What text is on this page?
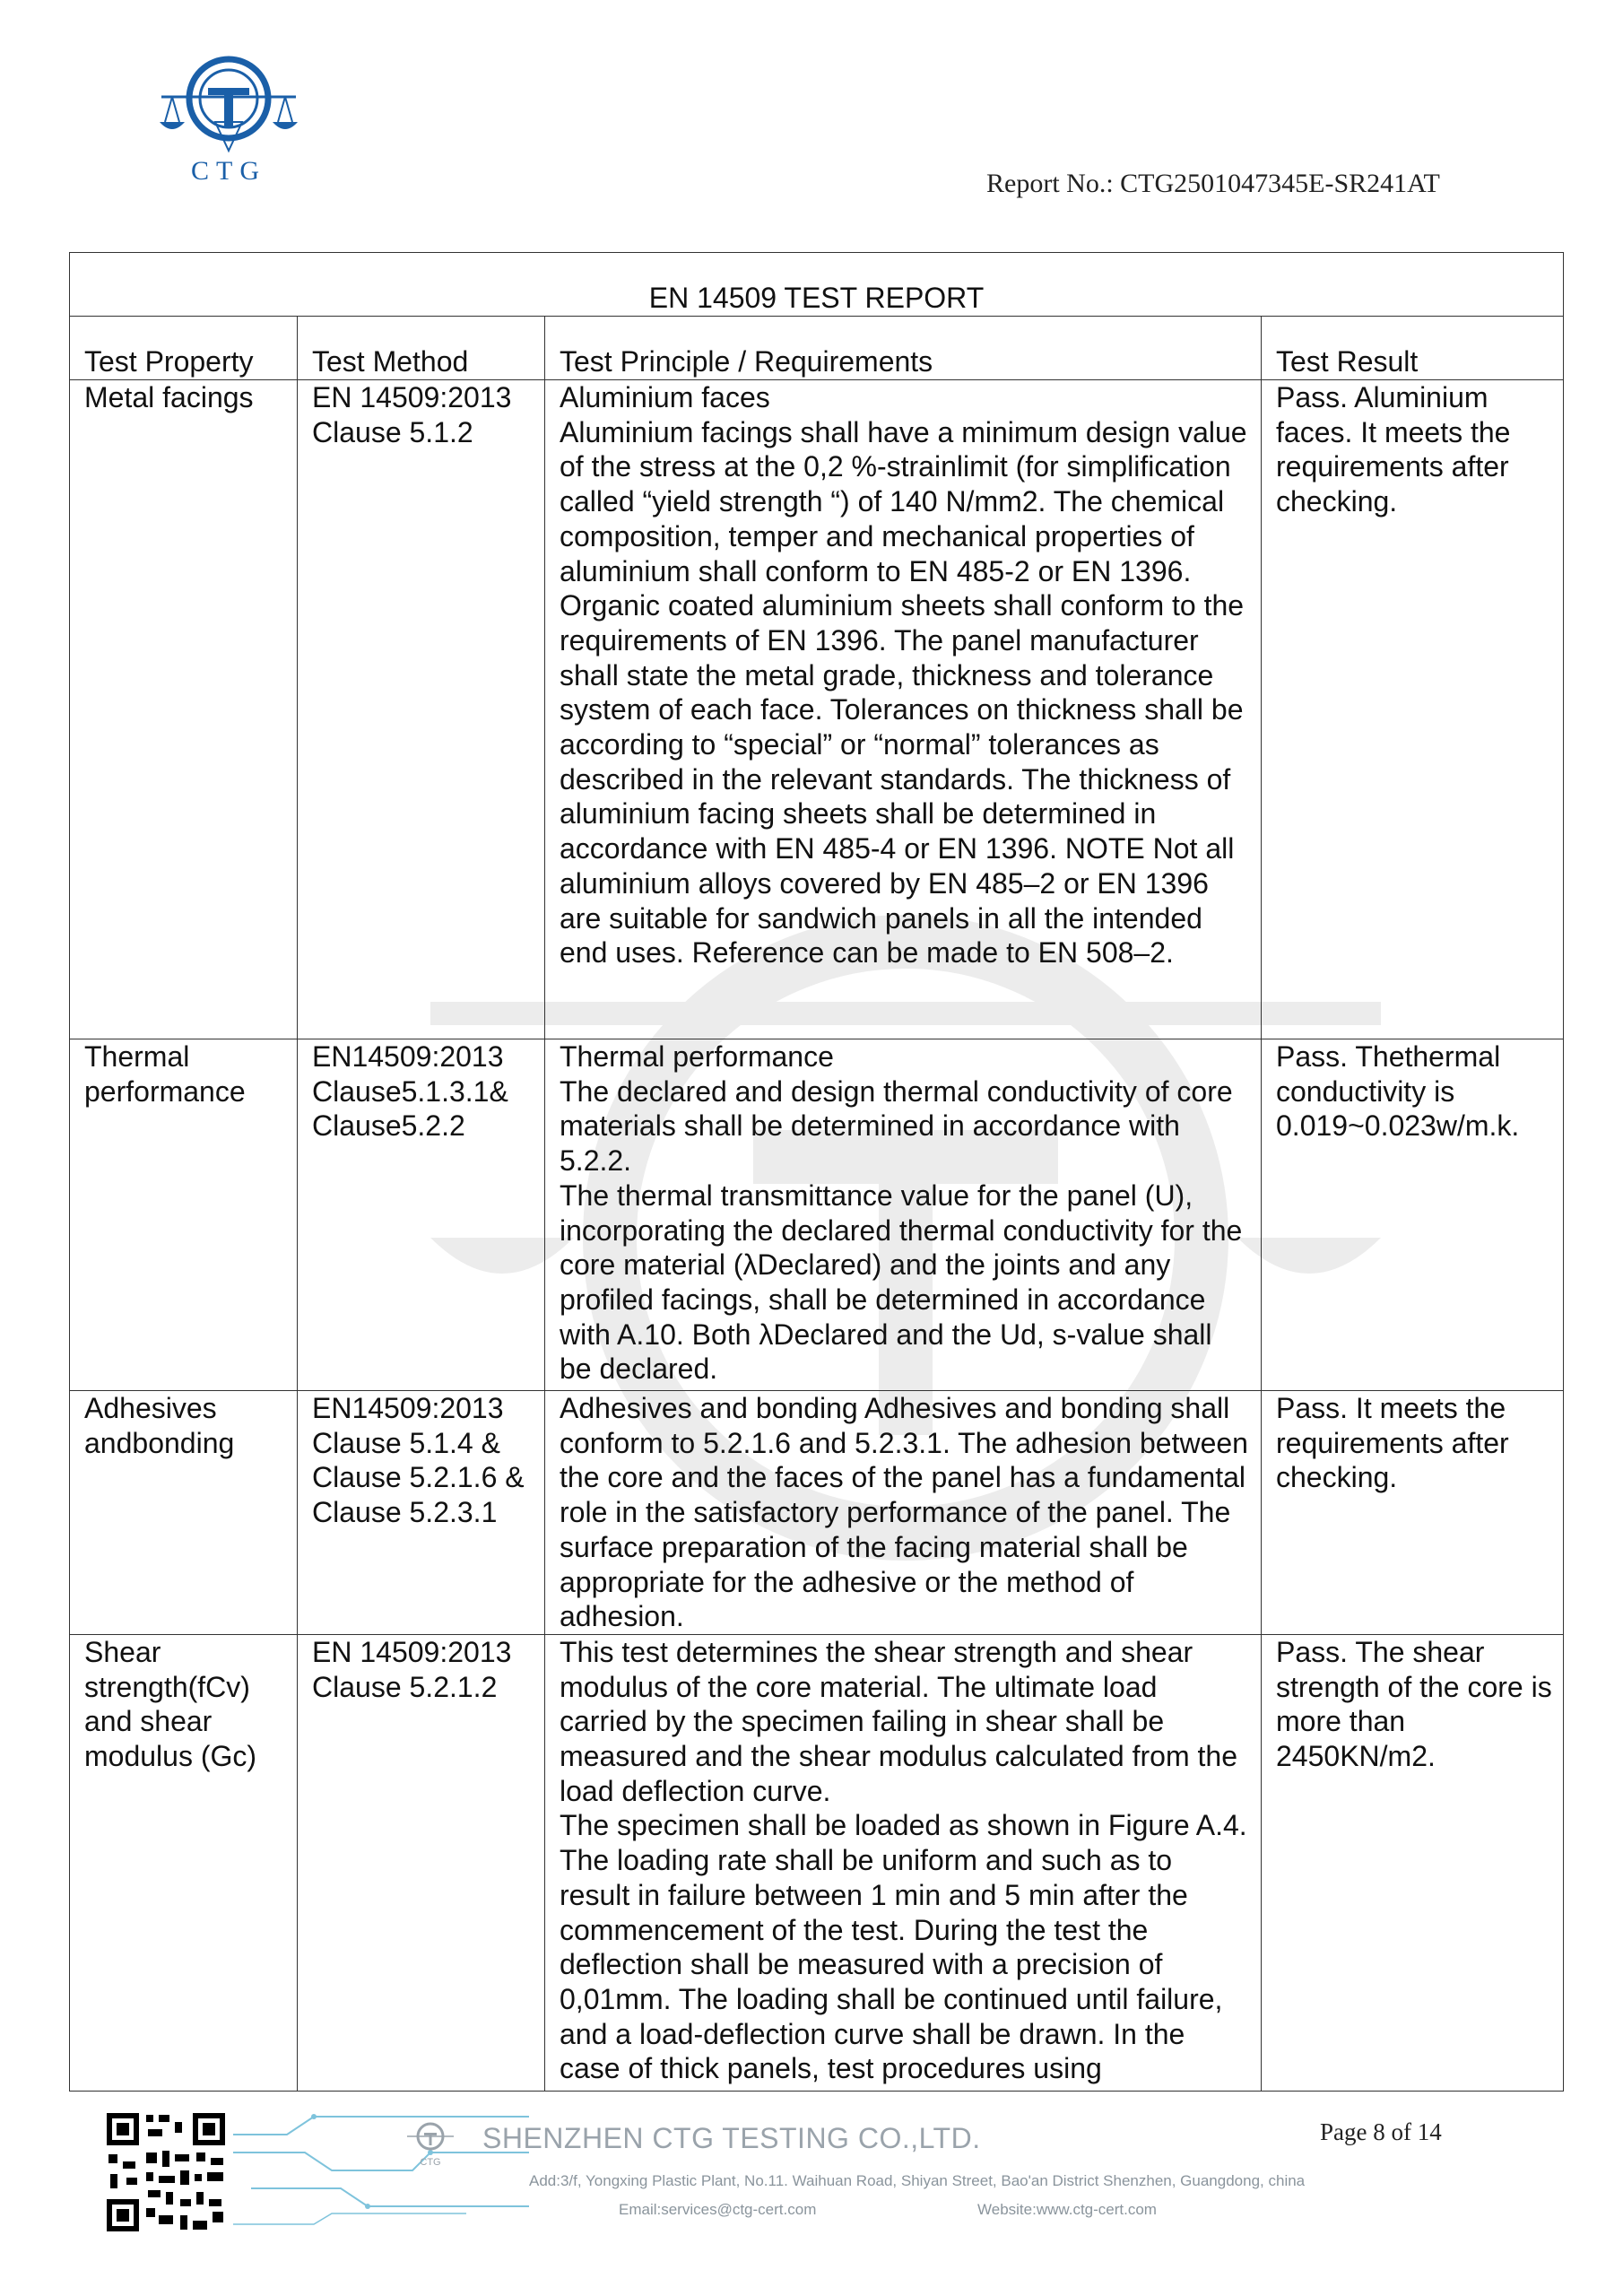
CTG	Report No.: CTG2501047345E-SR241AT
EN 14509 TEST REPORT			
Test Property	Test Method	Test Principle / Requirements	Test Result
Metal facings	EN 14509:2013 Clause 5.1.2	Aluminium faces

Aluminium facings shall have a minimum design value of the stress at the 0,2 %-strainlimit (for simplification called “yield strength “) of 140 N/mm2. The chemical composition, temper and mechanical properties of aluminium shall conform to EN 485-2 or EN 1396. Organic coated aluminium sheets shall conform to the requirements of EN 1396. The panel manufacturer shall state the metal grade, thickness and tolerance system of each face. Tolerances on thickness shall be according to “special” or “normal” tolerances as described in the relevant standards. The thickness of aluminium facing sheets shall be determined in accordance with EN 485-4 or EN 1396. NOTE Not all aluminium alloys covered by EN 485–2 or EN 1396 are suitable for sandwich panels in all the intended end uses. Reference can be made to EN 508–2.	Pass. Aluminium faces. It meets the requirements after checking.
Thermal performance	EN14509:2013 Clause5.1.3.1& Clause5.2.2	Thermal performance

The declared and design thermal conductivity of core materials shall be determined in accordance with 5.2.2.

The thermal transmittance value for the panel (U), incorporating the declared thermal conductivity for the core material (λDeclared) and the joints and any profiled facings, shall be determined in accordance with A.10. Both λDeclared and the Ud, s-value shall be declared.	Pass. Thethermal conductivity is 0.019~0.023w/m.k.
Adhesives andbonding	EN14509:2013 Clause 5.1.4 & Clause 5.2.1.6 & Clause 5.2.3.1	Adhesives and bonding Adhesives and bonding shall conform to 5.2.1.6 and 5.2.3.1. The adhesion between the core and the faces of the panel has a fundamental role in the satisfactory performance of the panel. The surface preparation of the facing material shall be appropriate for the adhesive or the method of adhesion.	Pass. It meets the requirements after checking.
Shear strength(fCv) and shear modulus (Gc)	EN 14509:2013 Clause 5.2.1.2	This test determines the shear strength and shear modulus of the core material. The ultimate load carried by the specimen failing in shear shall be measured and the shear modulus calculated from the load deflection curve.

The specimen shall be loaded as shown in Figure A.4. The loading rate shall be uniform and such as to result in failure between 1 min and 5 min after the commencement of the test. During the test the deflection shall be measured with a precision of 0,01mm. The loading shall be continued until failure, and a load-deflection curve shall be drawn. In the case of thick panels, test procedures using	Pass. The shear strength of the core is more than 2450KN/m2.
CTG
SHENZHEN CTG TESTING CO.,LTD.
Add:3/f, Yongxing Plastic Plant, No.11. Waihuan Road, Shiyan Street, Bao'an District Shenzhen, Guangdong, china
Email:services@ctg-cert.com	Website:www.ctg-cert.com
Page 8 of 14
